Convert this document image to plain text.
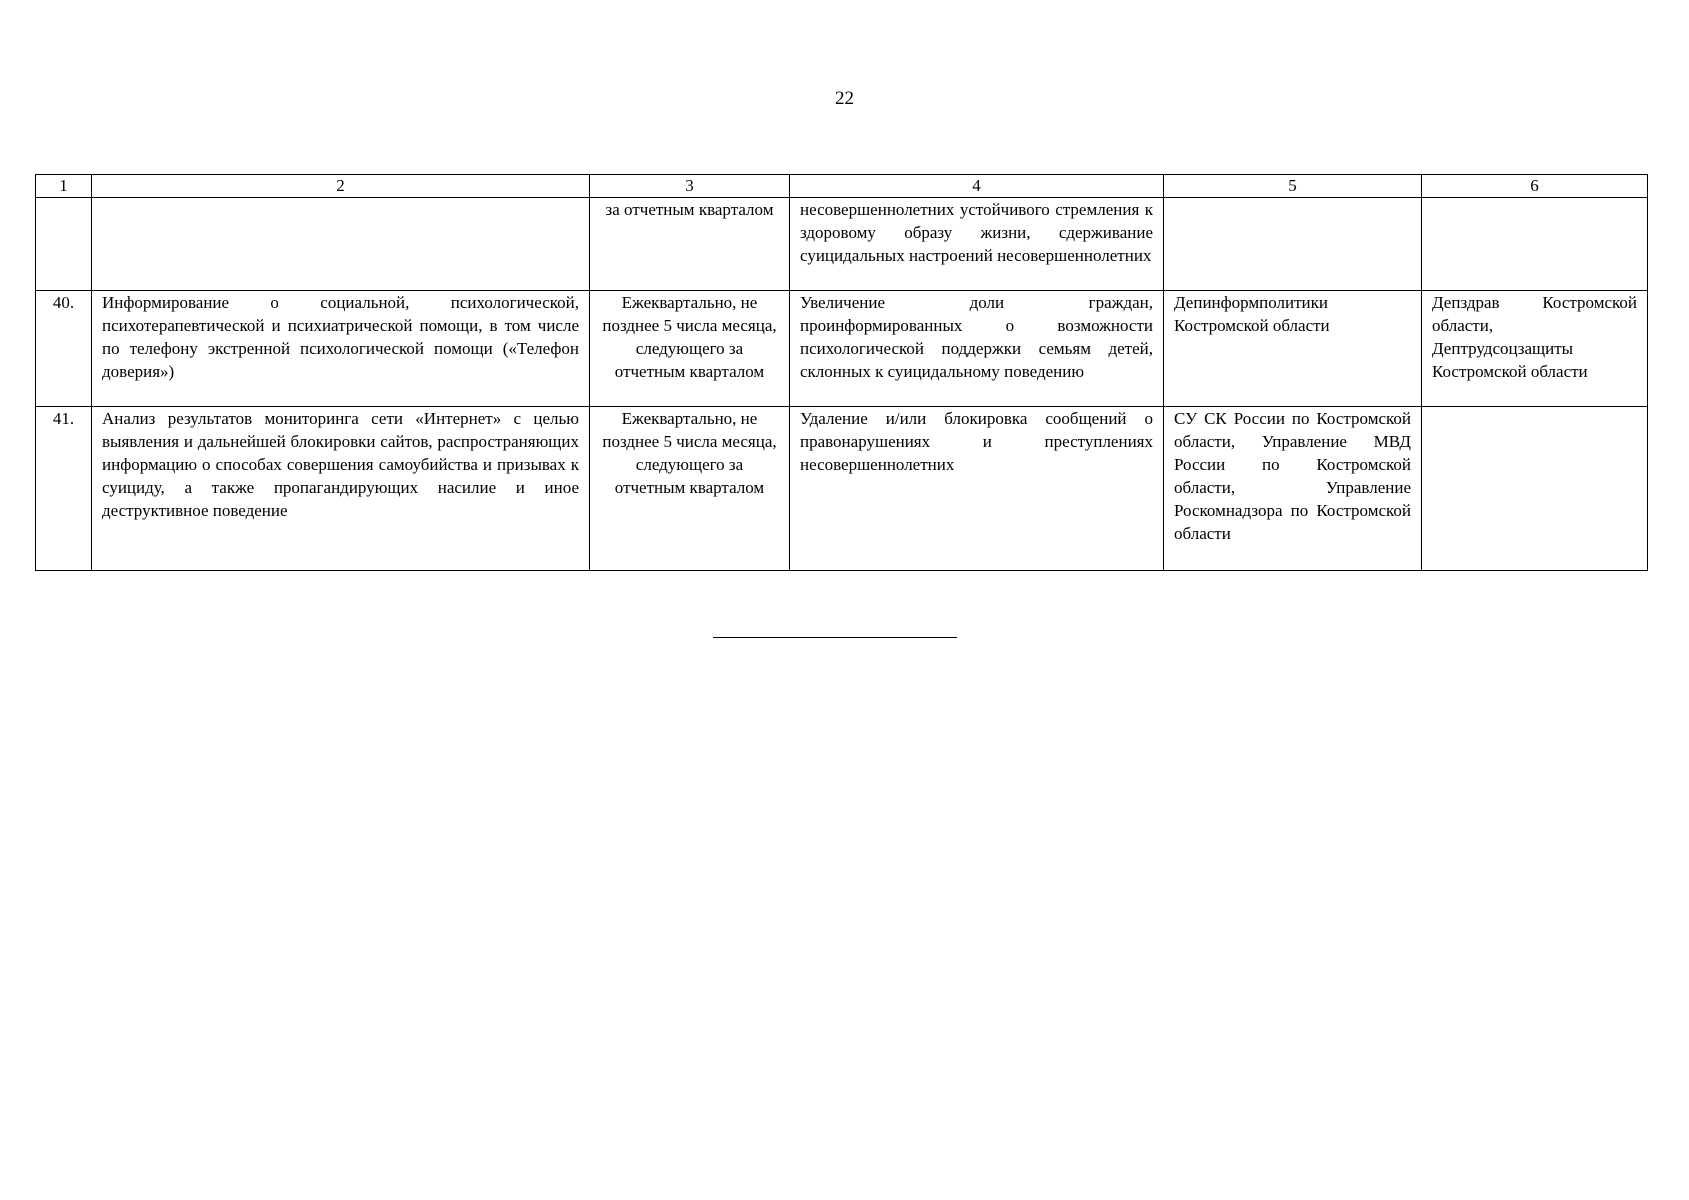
22
1	2	3	4	5	6
		за отчетным кварталом	несовершеннолетних устойчивого стремления к здоровому образу жизни, сдерживание суицидальных настроений несовершеннолетних		
40.	Информирование о социальной, психологической, психотерапевтической и психиатрической помощи, в том числе по телефону экстренной психологической помощи («Телефон доверия»)	Ежеквартально, не позднее 5 числа месяца, следующего за отчетным кварталом	Увеличение доли граждан, проинформированных о возможности психологической поддержки семьям детей, склонных к суицидальному поведению	Депинформполитики Костромской области	Депздрав Костромской области, Дептрудсоцзащиты Костромской области
41.	Анализ результатов мониторинга сети «Интернет» с целью выявления и дальнейшей блокировки сайтов, распространяющих информацию о способах совершения самоубийства и призывах к суициду, а также пропагандирующих насилие и иное деструктивное поведение	Ежеквартально, не позднее 5 числа месяца, следующего за отчетным кварталом	Удаление и/или блокировка сообщений о правонарушениях и преступлениях несовершеннолетних	СУ СК России по Костромской области, Управление МВД России по Костромской области, Управление Роскомнадзора по Костромской области	
